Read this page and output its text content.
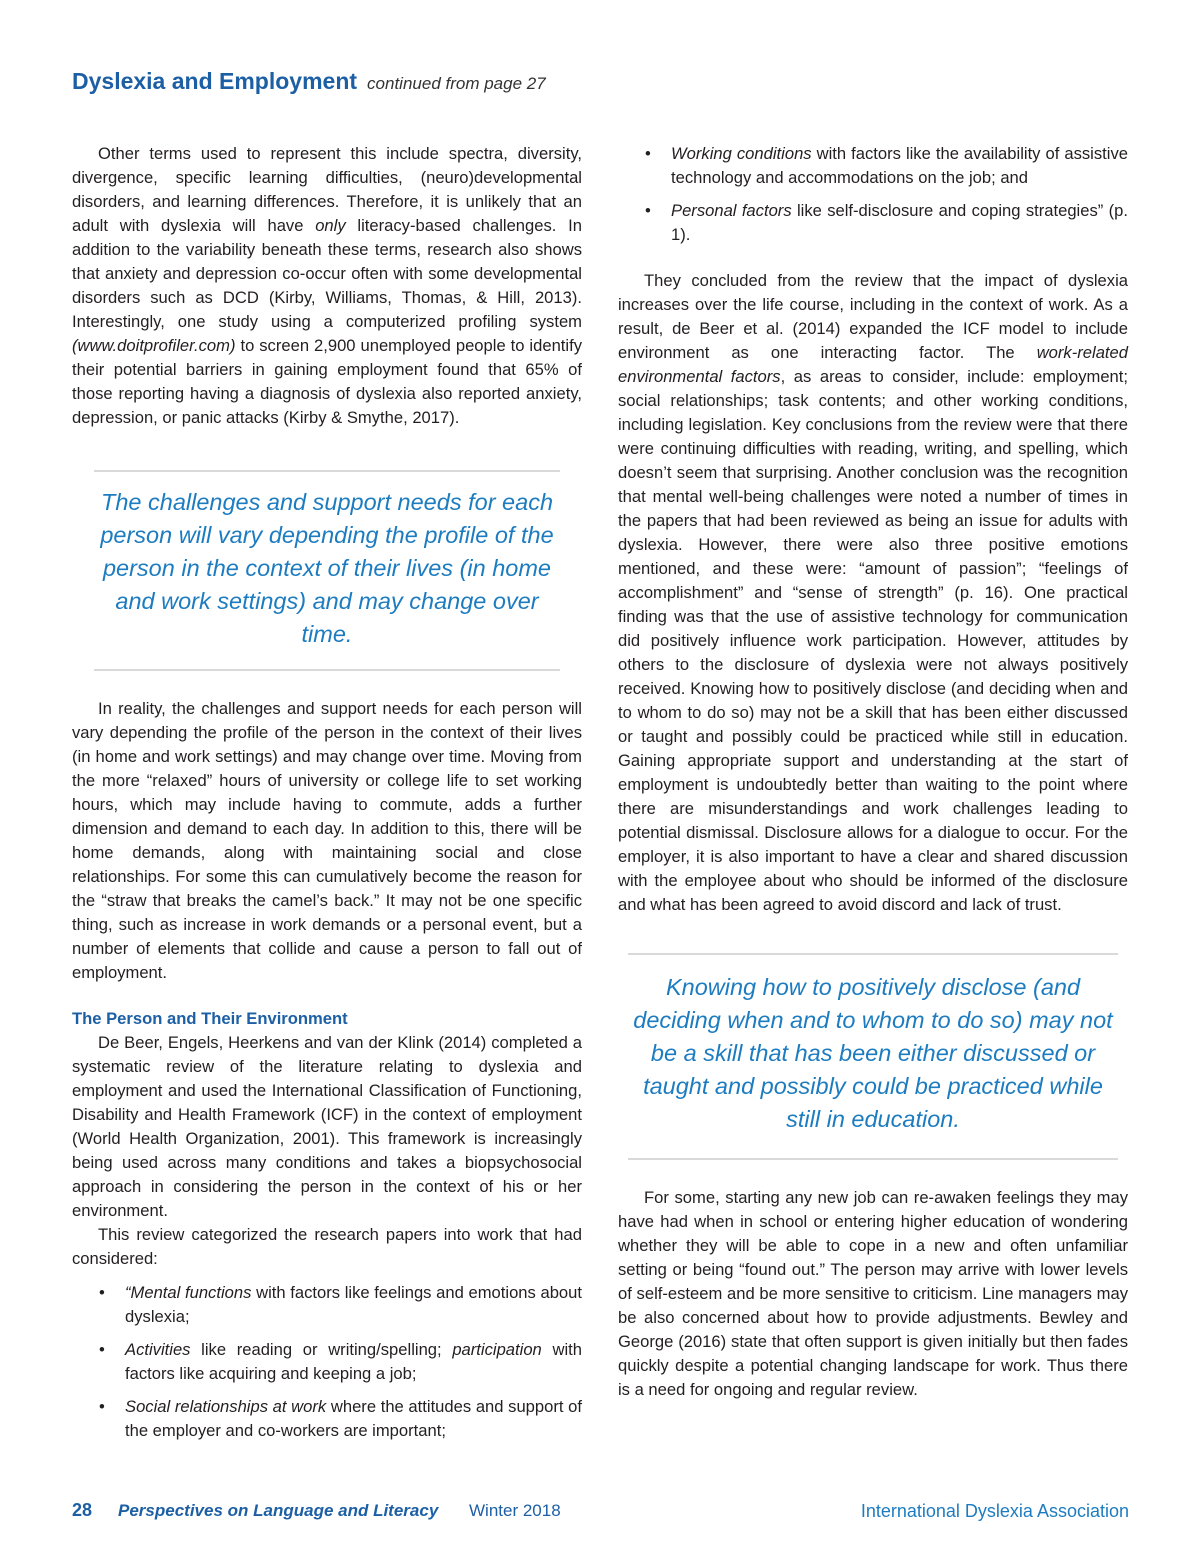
Dyslexia and Employment continued from page 27

Other terms used to represent this include spectra, diversity, divergence, specific learning difficulties, (neuro)developmental disorders, and learning differences. Therefore, it is unlikely that an adult with dyslexia will have only literacy-based challenges. In addition to the variability beneath these terms, research also shows that anxiety and depression co-occur often with some developmental disorders such as DCD (Kirby, Williams, Thomas, & Hill, 2013). Interestingly, one study using a computerized profiling system (www.doitprofiler.com) to screen 2,900 unemployed people to identify their potential barriers in gaining employment found that 65% of those reporting having a diagnosis of dyslexia also reported anxiety, depression, or panic attacks (Kirby & Smythe, 2017).

The challenges and support needs for each person will vary depending the profile of the person in the context of their lives (in home and work settings) and may change over time.

In reality, the challenges and support needs for each person will vary depending the profile of the person in the context of their lives (in home and work settings) and may change over time. Moving from the more “relaxed” hours of university or college life to set working hours, which may include having to commute, adds a further dimension and demand to each day. In addition to this, there will be home demands, along with maintaining social and close relationships. For some this can cumulatively become the reason for the “straw that breaks the camel’s back.” It may not be one specific thing, such as increase in work demands or a personal event, but a number of elements that collide and cause a person to fall out of employment.

The Person and Their Environment

De Beer, Engels, Heerkens and van der Klink (2014) completed a systematic review of the literature relating to dyslexia and employment and used the International Classification of Functioning, Disability and Health Framework (ICF) in the context of employment (World Health Organization, 2001). This framework is increasingly being used across many conditions and takes a biopsychosocial approach in considering the person in the context of his or her environment.

This review categorized the research papers into work that had considered:

• “Mental functions with factors like feelings and emotions about dyslexia;
• Activities like reading or writing/spelling; participation with factors like acquiring and keeping a job;
• Social relationships at work where the attitudes and support of the employer and co-workers are important;
• Working conditions with factors like the availability of assistive technology and accommodations on the job; and
• Personal factors like self-disclosure and coping strategies” (p. 1).

They concluded from the review that the impact of dyslexia increases over the life course, including in the context of work. As a result, de Beer et al. (2014) expanded the ICF model to include environment as one interacting factor. The work-related environmental factors, as areas to consider, include: employment; social relationships; task contents; and other working conditions, including legislation. Key conclusions from the review were that there were continuing difficulties with reading, writing, and spelling, which doesn’t seem that surprising. Another conclusion was the recognition that mental well-being challenges were noted a number of times in the papers that had been reviewed as being an issue for adults with dyslexia. However, there were also three positive emotions mentioned, and these were: “amount of passion”; “feelings of accomplishment” and “sense of strength” (p. 16). One practical finding was that the use of assistive technology for communication did positively influence work participation. However, attitudes by others to the disclosure of dyslexia were not always positively received. Knowing how to positively disclose (and deciding when and to whom to do so) may not be a skill that has been either discussed or taught and possibly could be practiced while still in education. Gaining appropriate support and understanding at the start of employment is undoubtedly better than waiting to the point where there are misunderstandings and work challenges leading to potential dismissal. Disclosure allows for a dialogue to occur. For the employer, it is also important to have a clear and shared discussion with the employee about who should be informed of the disclosure and what has been agreed to avoid discord and lack of trust.

Knowing how to positively disclose (and deciding when and to whom to do so) may not be a skill that has been either discussed or taught and possibly could be practiced while still in education.

For some, starting any new job can re-awaken feelings they may have had when in school or entering higher education of wondering whether they will be able to cope in a new and often unfamiliar setting or being “found out.” The person may arrive with lower levels of self-esteem and be more sensitive to criticism. Line managers may be also concerned about how to provide adjustments. Bewley and George (2016) state that often support is given initially but then fades quickly despite a potential changing landscape for work. Thus there is a need for ongoing and regular review.

28 Perspectives on Language and Literacy Winter 2018	International Dyslexia Association
